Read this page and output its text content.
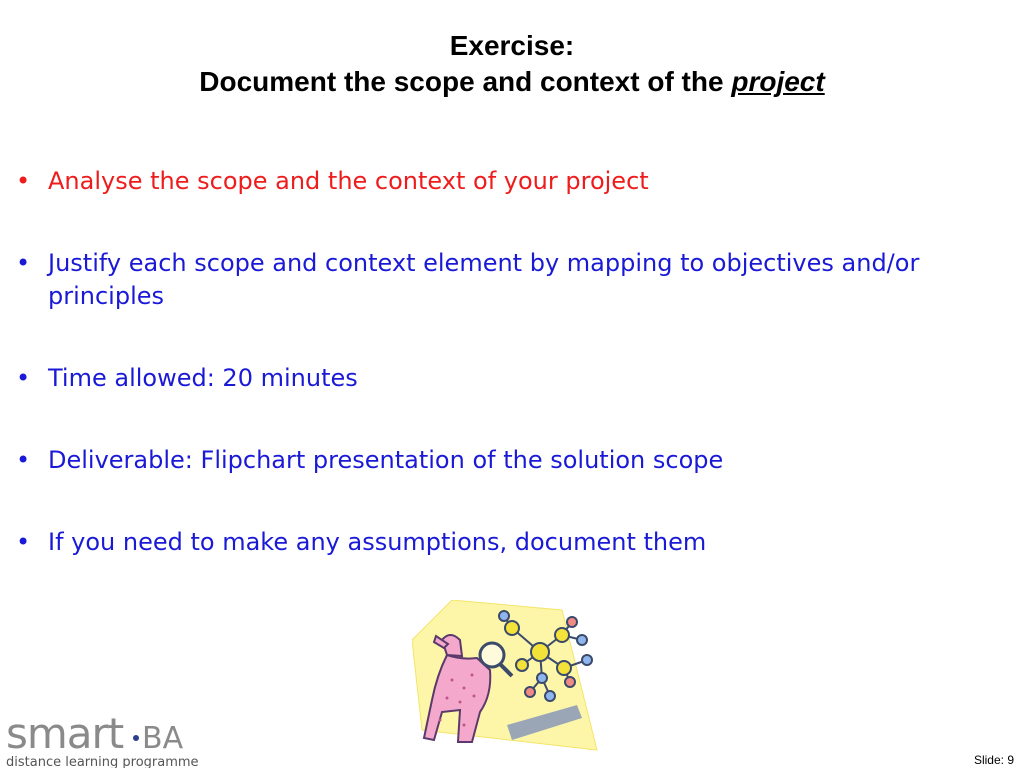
Exercise:
Document the scope and context of the project
• Analyse the scope and the context of your project
• Justify each scope and context element by mapping to objectives and/or principles
• Time allowed: 20 minutes
• Deliverable: Flipchart presentation of the solution scope
• If you need to make any assumptions, document them
smart BA
distance learning programme	Slide: 9
